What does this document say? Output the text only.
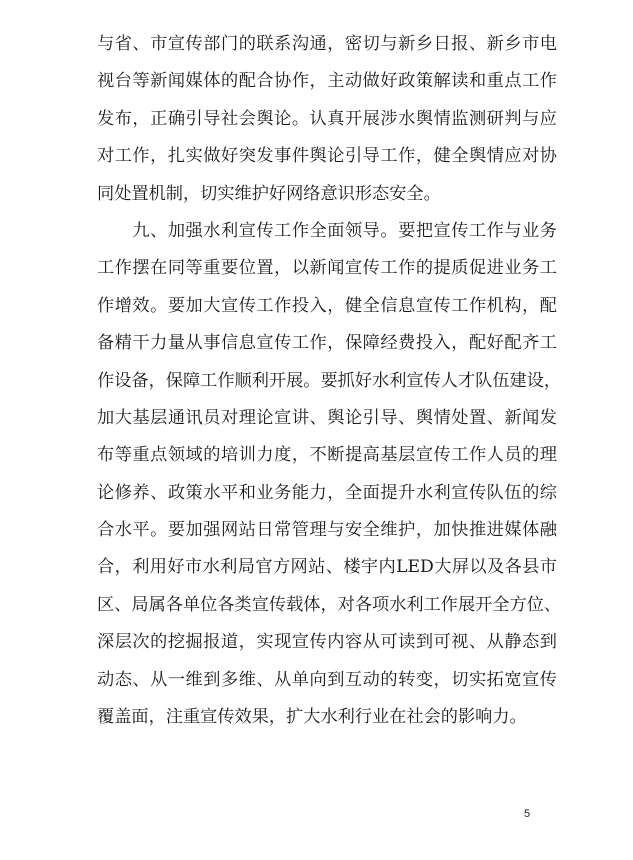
与省、市宣传部门的联系沟通，密切与新乡日报、新乡市电
视台等新闻媒体的配合协作，主动做好政策解读和重点工作
发布，正确引导社会舆论。认真开展涉水舆情监测研判与应
对工作，扎实做好突发事件舆论引导工作，健全舆情应对协
同处置机制，切实维护好网络意识形态安全。
　　九、加强水利宣传工作全面领导。要把宣传工作与业务
工作摆在同等重要位置，以新闻宣传工作的提质促进业务工
作增效。要加大宣传工作投入，健全信息宣传工作机构，配
备精干力量从事信息宣传工作，保障经费投入，配好配齐工
作设备，保障工作顺利开展。要抓好水利宣传人才队伍建设，
加大基层通讯员对理论宣讲、舆论引导、舆情处置、新闻发
布等重点领域的培训力度，不断提高基层宣传工作人员的理
论修养、政策水平和业务能力，全面提升水利宣传队伍的综
合水平。要加强网站日常管理与安全维护，加快推进媒体融
合，利用好市水利局官方网站、楼宇内LED大屏以及各县市
区、局属各单位各类宣传载体，对各项水利工作展开全方位、
深层次的挖掘报道，实现宣传内容从可读到可视、从静态到
动态、从一维到多维、从单向到互动的转变，切实拓宽宣传
覆盖面，注重宣传效果，扩大水利行业在社会的影响力。
5
